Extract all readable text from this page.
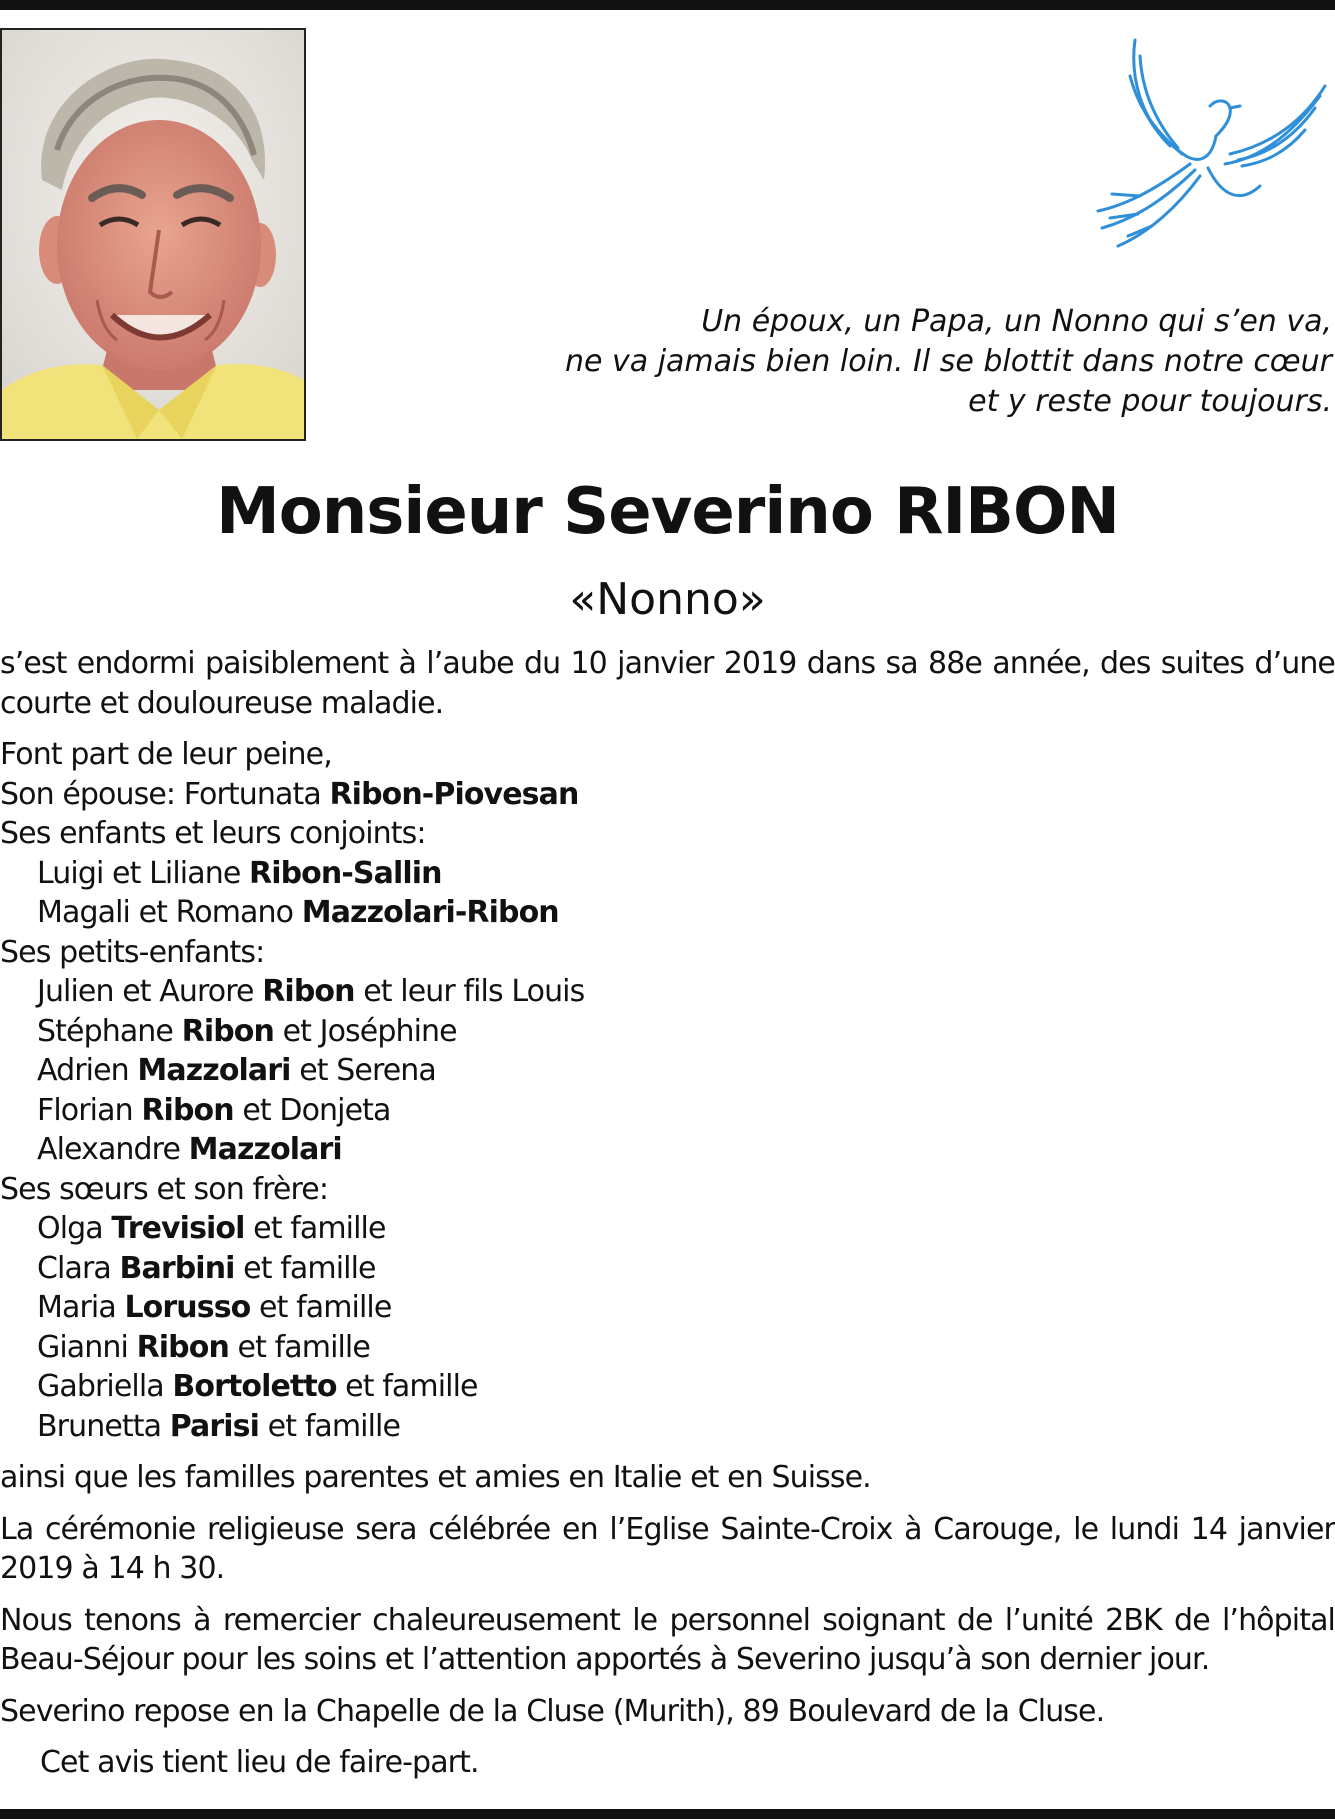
Un époux, un Papa, un Nonno qui s’en va,
ne va jamais bien loin. Il se blottit dans notre cœur
et y reste pour toujours.
Monsieur Severino RIBON
«Nonno»

s’est endormi paisiblement à l’aube du 10 janvier 2019 dans sa 88e année, des suites d’une courte et douloureuse maladie.

Font part de leur peine,
Son épouse: Fortunata Ribon-Piovesan
Ses enfants et leurs conjoints:
Luigi et Liliane Ribon-Sallin
Magali et Romano Mazzolari-Ribon
Ses petits-enfants:
Julien et Aurore Ribon et leur fils Louis
Stéphane Ribon et Joséphine
Adrien Mazzolari et Serena
Florian Ribon et Donjeta
Alexandre Mazzolari
Ses sœurs et son frère:
Olga Trevisiol et famille
Clara Barbini et famille
Maria Lorusso et famille
Gianni Ribon et famille
Gabriella Bortoletto et famille
Brunetta Parisi et famille

ainsi que les familles parentes et amies en Italie et en Suisse.

La cérémonie religieuse sera célébrée en l’Eglise Sainte-Croix à Carouge, le lundi 14 janvier 2019 à 14 h 30.

Nous tenons à remercier chaleureusement le personnel soignant de l’unité 2BK de l’hôpital Beau-Séjour pour les soins et l’attention apportés à Severino jusqu’à son dernier jour.

Severino repose en la Chapelle de la Cluse (Murith), 89 Boulevard de la Cluse.

Cet avis tient lieu de faire-part.
